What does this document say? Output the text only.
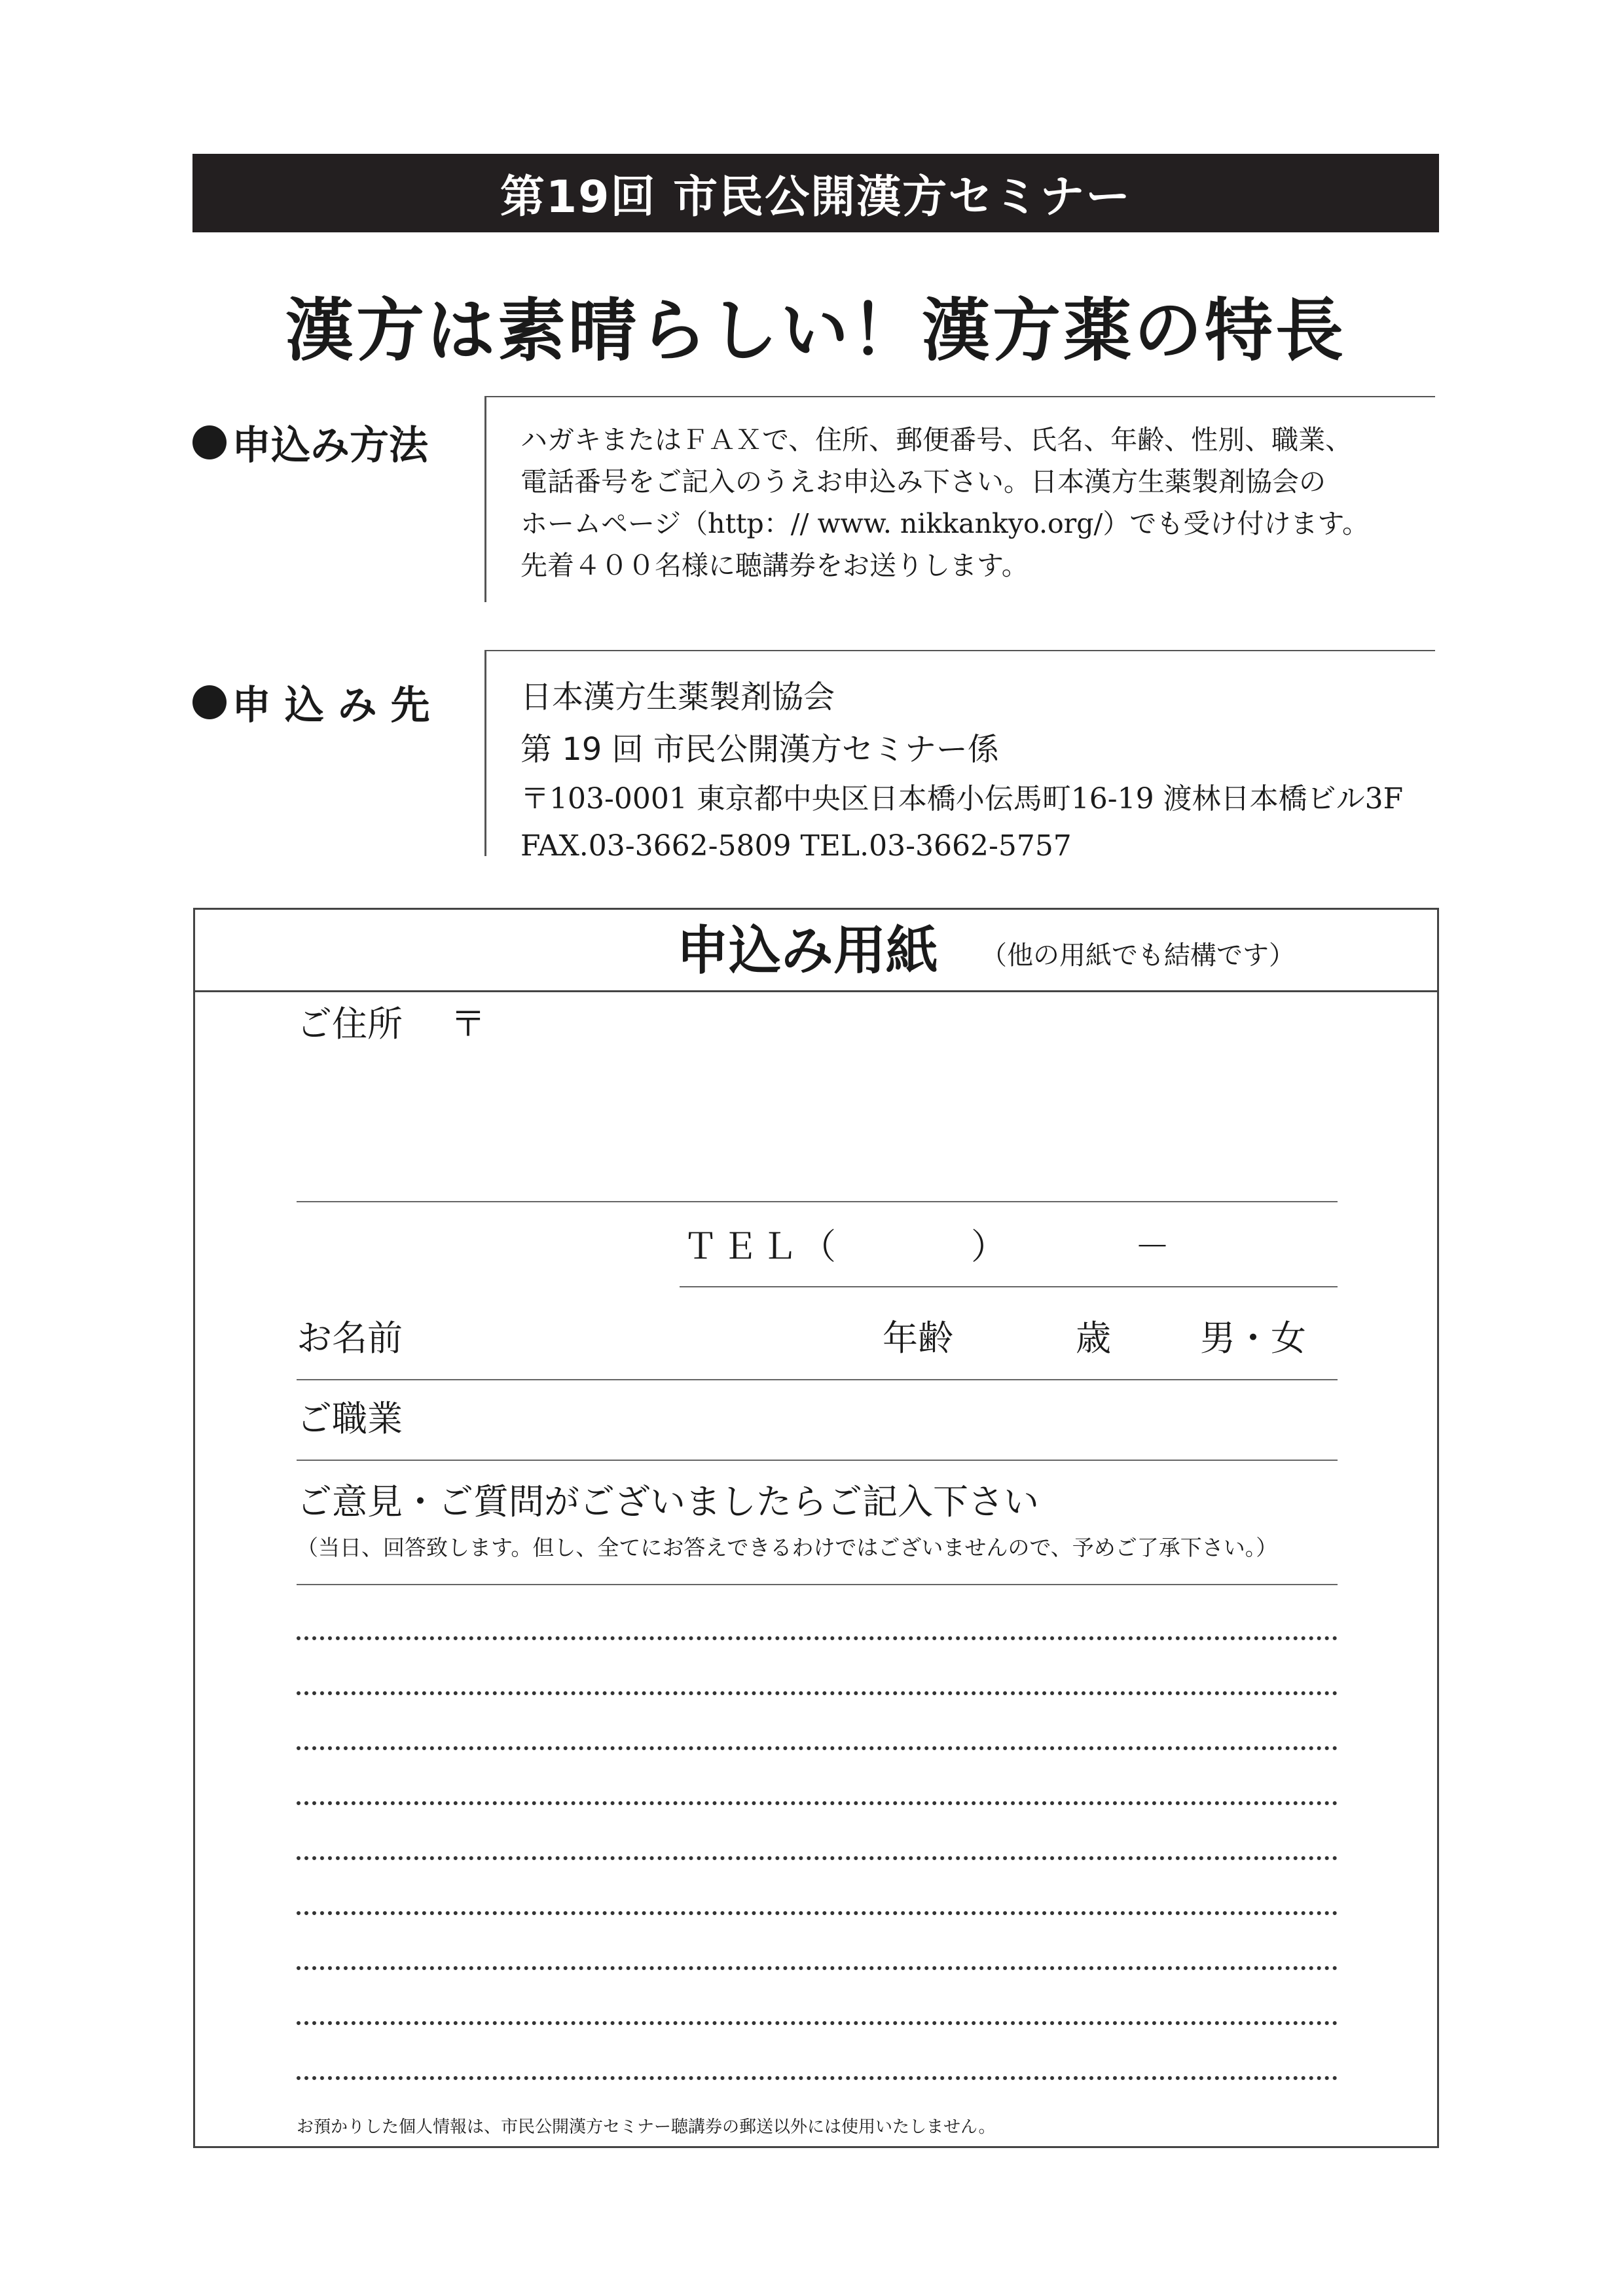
第19回 市民公開漢方セミナー
漢方は素晴らしい！漢方薬の特長
申込み方法	ハガキまたはＦＡＸで、住所、郵便番号、氏名、年齢、性別、職業、

電話番号をご記入のうえお申込み下さい。日本漢方生薬製剤協会の

ホームページ（http：// www. nikkankyo.org/）でも受け付けます。

先着４００名様に聴講券をお送りします。

申 込 み 先	日本漢方生薬製剤協会

第 19 回 市民公開漢方セミナー係

〒103-0001 東京都中央区日本橋小伝馬町16-19 渡林日本橋ビル3F

FAX.03-3662-5809 TEL.03-3662-5757

申込み用紙 （他の用紙でも結構です）
ご住所 〒
ＴＥＬ（	）	－
お名前	年齢	歳	男・女
ご職業
ご意見・ご質問がございましたらご記入下さい
（当日、回答致します。但し、全てにお答えできるわけではございませんので、予めご了承下さい。）
お預かりした個人情報は、市民公開漢方セミナー聴講券の郵送以外には使用いたしません。
